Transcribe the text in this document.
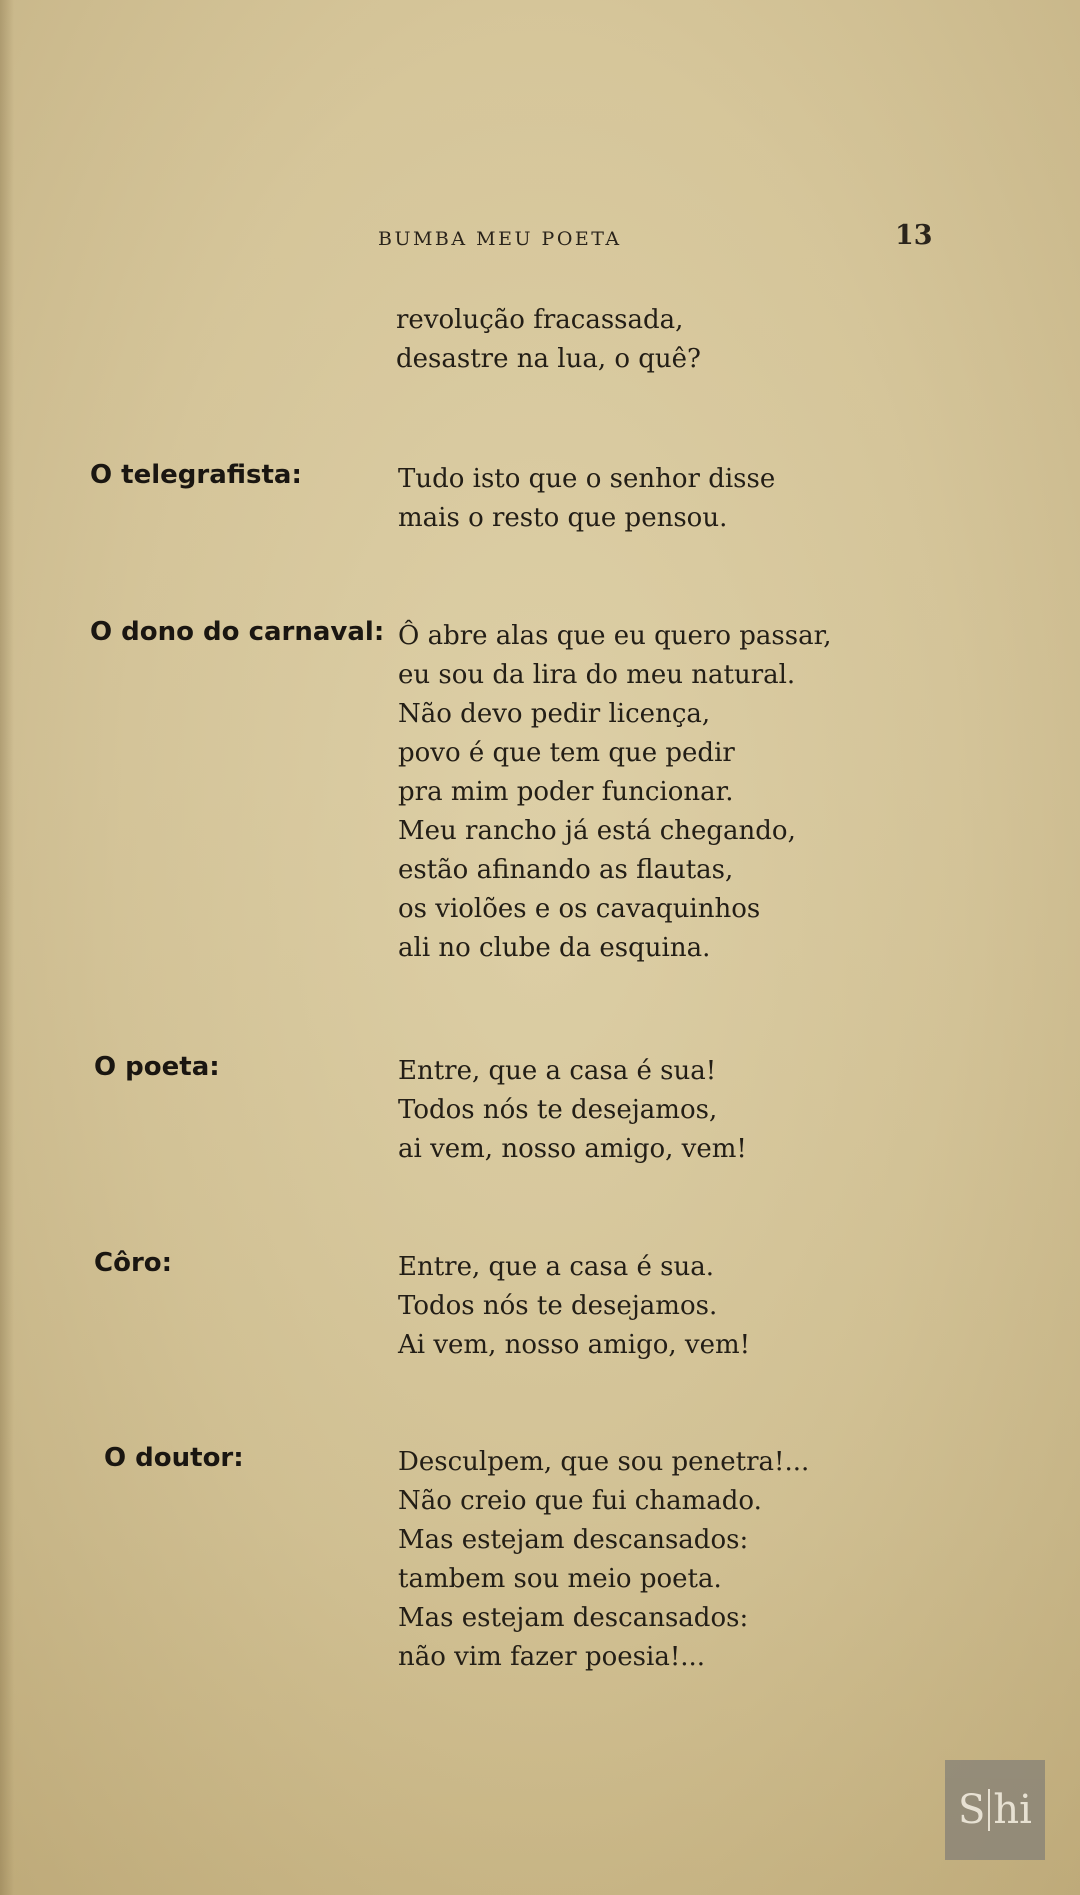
BUMBA MEU POETA	13
revolução fracassada,
desastre na lua, o quê?
O telegrafista:	Tudo isto que o senhor disse
mais o resto que pensou.
O dono do carnaval: Ô abre alas que eu quero passar,
eu sou da lira do meu natural.
Não devo pedir licença,
povo é que tem que pedir
pra mim poder funcionar.
Meu rancho já está chegando,
estão afinando as flautas,
os violões e os cavaquinhos
ali no clube da esquina.
O poeta:	Entre, que a casa é sua!
Todos nós te desejamos,
ai vem, nosso amigo, vem!
Côro:	Entre, que a casa é sua.
Todos nós te desejamos.
Ai vem, nosso amigo, vem!
O doutor:	Desculpem, que sou penetra!...
Não creio que fui chamado.
Mas estejam descansados:
tambem sou meio poeta.
Mas estejam descansados:
não vim fazer poesia!...
S hi
